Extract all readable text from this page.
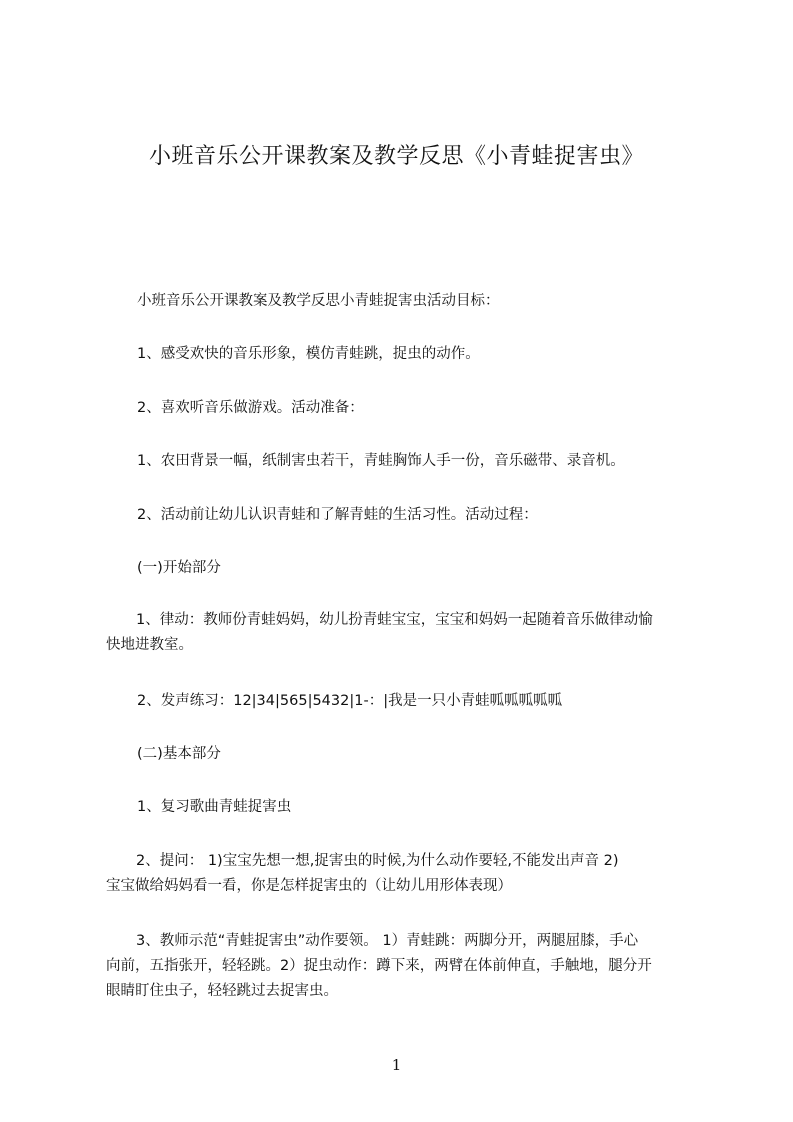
小班音乐公开课教案及教学反思《小青蛙捉害虫》
小班音乐公开课教案及教学反思小青蛙捉害虫活动目标：
1、感受欢快的音乐形象，模仿青蛙跳，捉虫的动作。
2、喜欢听音乐做游戏。活动准备：
1、农田背景一幅，纸制害虫若干，青蛙胸饰人手一份，音乐磁带、录音机。
2、活动前让幼儿认识青蛙和了解青蛙的生活习性。活动过程：
(一)开始部分
1、律动：教师份青蛙妈妈，幼儿扮青蛙宝宝，宝宝和妈妈一起随着音乐做律动愉
快地进教室。
2、发声练习：12|34|565|5432|1-：|我是一只小青蛙呱呱呱呱呱
(二)基本部分
1、复习歌曲青蛙捉害虫
2、提问： 1)宝宝先想一想,捉害虫的时候,为什么动作要轻,不能发出声音 2)
宝宝做给妈妈看一看，你是怎样捉害虫的（让幼儿用形体表现）
3、教师示范“青蛙捉害虫”动作要领。 1）青蛙跳：两脚分开，两腿屈膝，手心
向前，五指张开，轻轻跳。2）捉虫动作：蹲下来，两臂在体前伸直，手触地，腿分开
眼睛盯住虫子，轻轻跳过去捉害虫。
1
